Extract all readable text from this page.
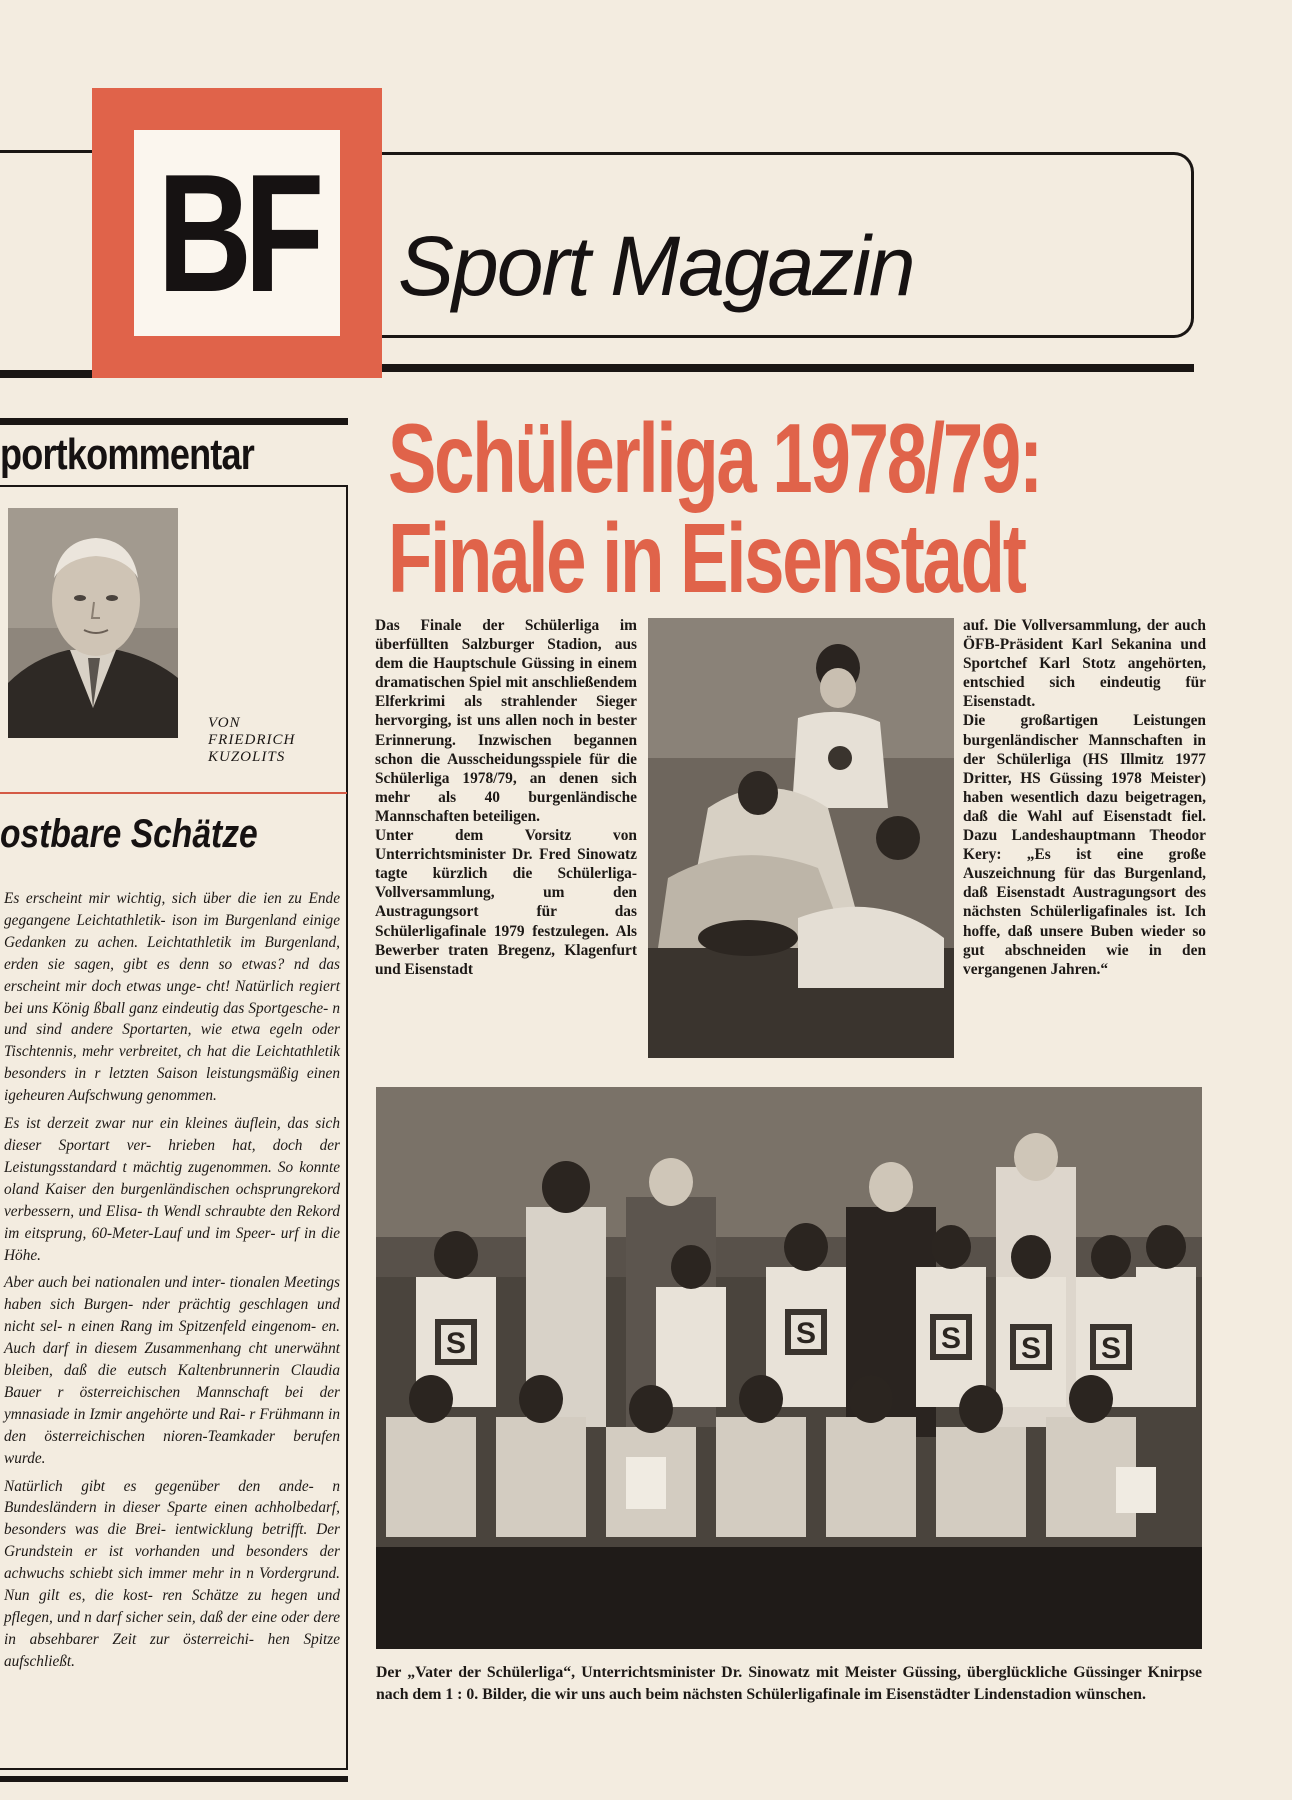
BF Sport Magazin
portkommentar
VON
FRIEDRICH
KUZOLITS
ostbare Schätze

Es erscheint mir wichtig, sich über die ien zu Ende gegangene Leichtathletik- ison im Burgenland einige Gedanken zu achen. Leichtathletik im Burgenland, erden sie sagen, gibt es denn so etwas? nd das erscheint mir doch etwas unge- cht! Natürlich regiert bei uns König ßball ganz eindeutig das Sportgesche- n und sind andere Sportarten, wie etwa egeln oder Tischtennis, mehr verbreitet, ch hat die Leichtathletik besonders in r letzten Saison leistungsmäßig einen igeheuren Aufschwung genommen.

Es ist derzeit zwar nur ein kleines äuflein, das sich dieser Sportart ver- hrieben hat, doch der Leistungsstandard t mächtig zugenommen. So konnte oland Kaiser den burgenländischen ochsprungrekord verbessern, und Elisa- th Wendl schraubte den Rekord im eitsprung, 60-Meter-Lauf und im Speer- urf in die Höhe.

Aber auch bei nationalen und inter- tionalen Meetings haben sich Burgen- nder prächtig geschlagen und nicht sel- n einen Rang im Spitzenfeld eingenom- en. Auch darf in diesem Zusammenhang cht unerwähnt bleiben, daß die eutsch Kaltenbrunnerin Claudia Bauer r österreichischen Mannschaft bei der ymnasiade in Izmir angehörte und Rai- r Frühmann in den österreichischen nioren-Teamkader berufen wurde.

Natürlich gibt es gegenüber den ande- n Bundesländern in dieser Sparte einen achholbedarf, besonders was die Brei- ientwicklung betrifft. Der Grundstein er ist vorhanden und besonders der achwuchs schiebt sich immer mehr in n Vordergrund. Nun gilt es, die kost- ren Schätze zu hegen und pflegen, und n darf sicher sein, daß der eine oder dere in absehbarer Zeit zur österreichi- hen Spitze aufschließt.

Schülerliga 1978/79:
Finale in Eisenstadt

Das Finale der Schülerliga im überfüllten Salzburger Stadion, aus dem die Hauptschule Güssing in einem dramatischen Spiel mit anschließendem Elferkrimi als strahlender Sieger hervorging, ist uns allen noch in bester Erinnerung. Inzwischen begannen schon die Ausscheidungsspiele für die Schülerliga 1978/79, an denen sich mehr als 40 burgenländische Mannschaften beteiligen.

Unter dem Vorsitz von Unterrichtsminister Dr. Fred Sinowatz tagte kürzlich die Schülerliga-Vollversammlung, um den Austragungsort für das Schülerligafinale 1979 festzulegen. Als Bewerber traten Bregenz, Klagenfurt und Eisenstadt

auf. Die Vollversammlung, der auch ÖFB-Präsident Karl Sekanina und Sportchef Karl Stotz angehörten, entschied sich eindeutig für Eisenstadt.

Die großartigen Leistungen burgenländischer Mannschaften in der Schülerliga (HS Illmitz 1977 Dritter, HS Güssing 1978 Meister) haben wesentlich dazu beigetragen, daß die Wahl auf Eisenstadt fiel. Dazu Landeshauptmann Theodor Kery: „Es ist eine große Auszeichnung für das Burgenland, daß Eisenstadt Austragungsort des nächsten Schülerligafinales ist. Ich hoffe, daß unsere Buben wieder so gut abschneiden wie in den vergangenen Jahren.“

S	S	S S S
Der „Vater der Schülerliga“, Unterrichtsminister Dr. Sinowatz mit Meister Güssing, überglückliche Güssinger Knirpse nach dem 1 : 0. Bilder, die wir uns auch beim nächsten Schülerligafinale im Eisenstädter Lindenstadion wünschen.
